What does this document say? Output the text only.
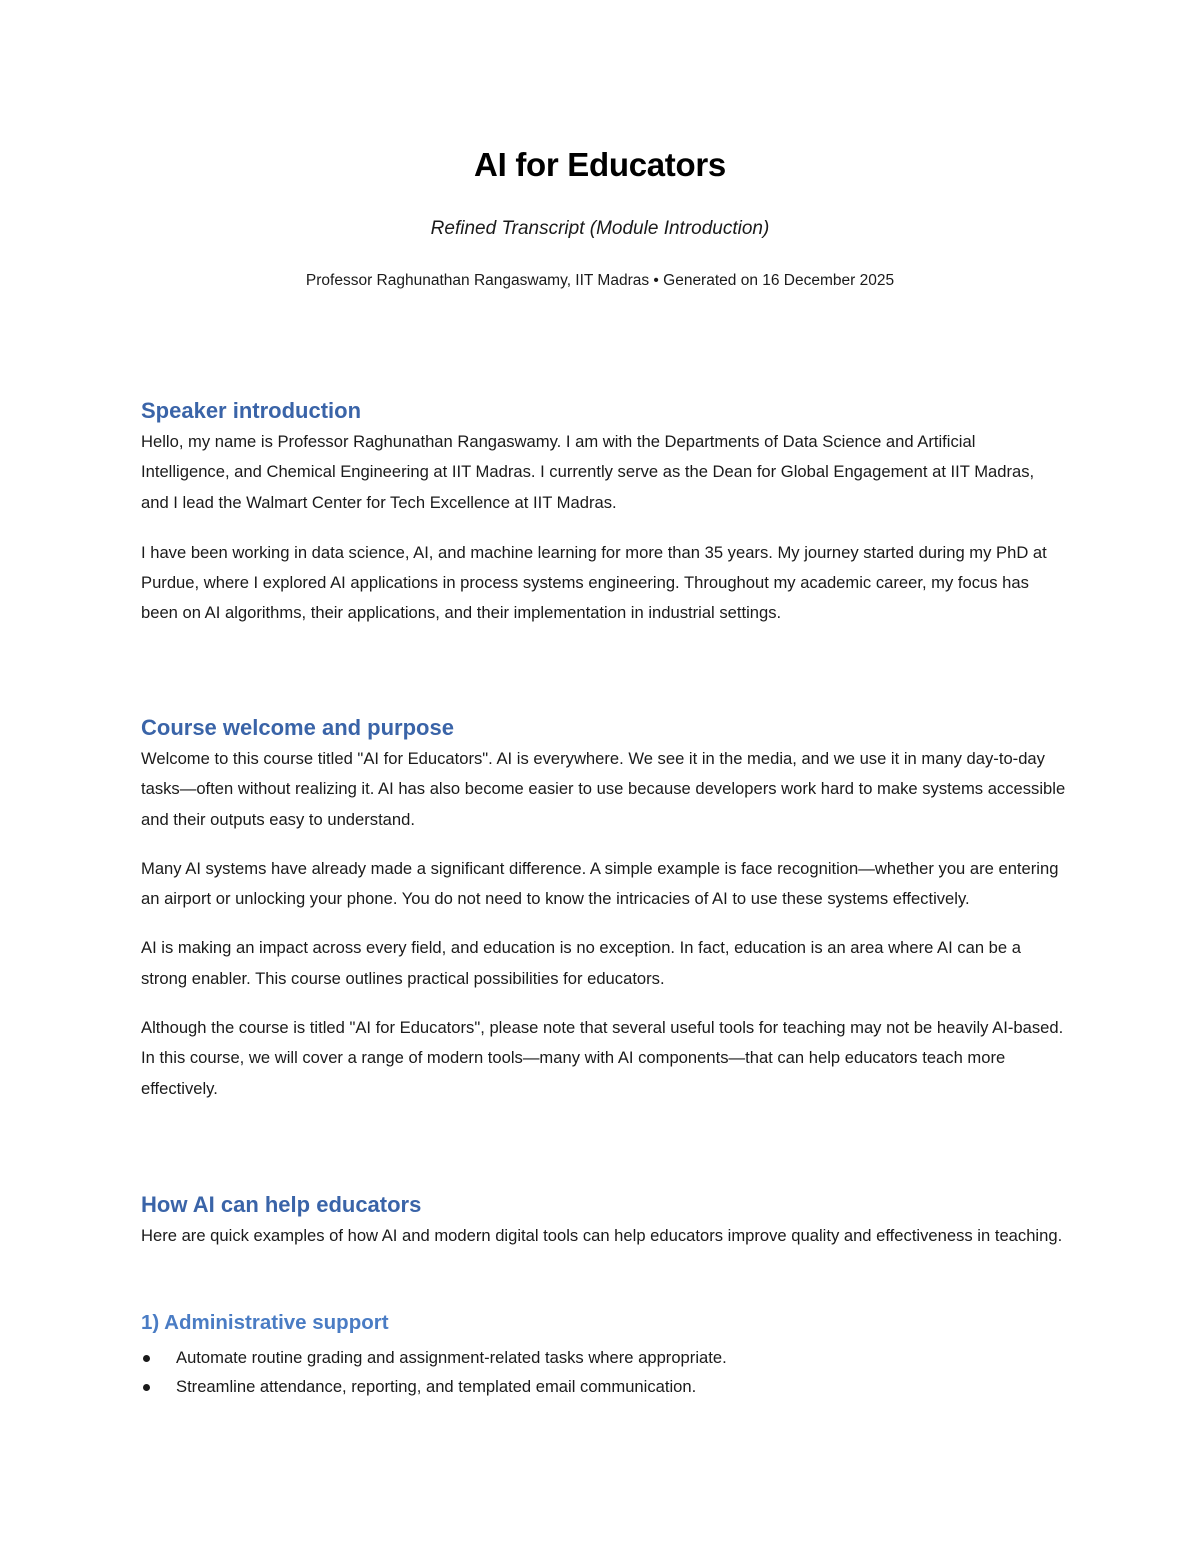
AI for Educators
Refined Transcript (Module Introduction)
Professor Raghunathan Rangaswamy, IIT Madras • Generated on 16 December 2025
Speaker introduction

Hello, my name is Professor Raghunathan Rangaswamy. I am with the Departments of Data Science and Artificial Intelligence, and Chemical Engineering at IIT Madras. I currently serve as the Dean for Global Engagement at IIT Madras, and I lead the Walmart Center for Tech Excellence at IIT Madras.

I have been working in data science, AI, and machine learning for more than 35 years. My journey started during my PhD at Purdue, where I explored AI applications in process systems engineering. Throughout my academic career, my focus has been on AI algorithms, their applications, and their implementation in industrial settings.

Course welcome and purpose

Welcome to this course titled "AI for Educators". AI is everywhere. We see it in the media, and we use it in many day-to-day tasks—often without realizing it. AI has also become easier to use because developers work hard to make systems accessible and their outputs easy to understand.

Many AI systems have already made a significant difference. A simple example is face recognition—whether you are entering an airport or unlocking your phone. You do not need to know the intricacies of AI to use these systems effectively.

AI is making an impact across every field, and education is no exception. In fact, education is an area where AI can be a strong enabler. This course outlines practical possibilities for educators.

Although the course is titled "AI for Educators", please note that several useful tools for teaching may not be heavily AI-based. In this course, we will cover a range of modern tools—many with AI components—that can help educators teach more effectively.

How AI can help educators

Here are quick examples of how AI and modern digital tools can help educators improve quality and effectiveness in teaching.

1) Administrative support
Automate routine grading and assignment-related tasks where appropriate.
Streamline attendance, reporting, and templated email communication.
